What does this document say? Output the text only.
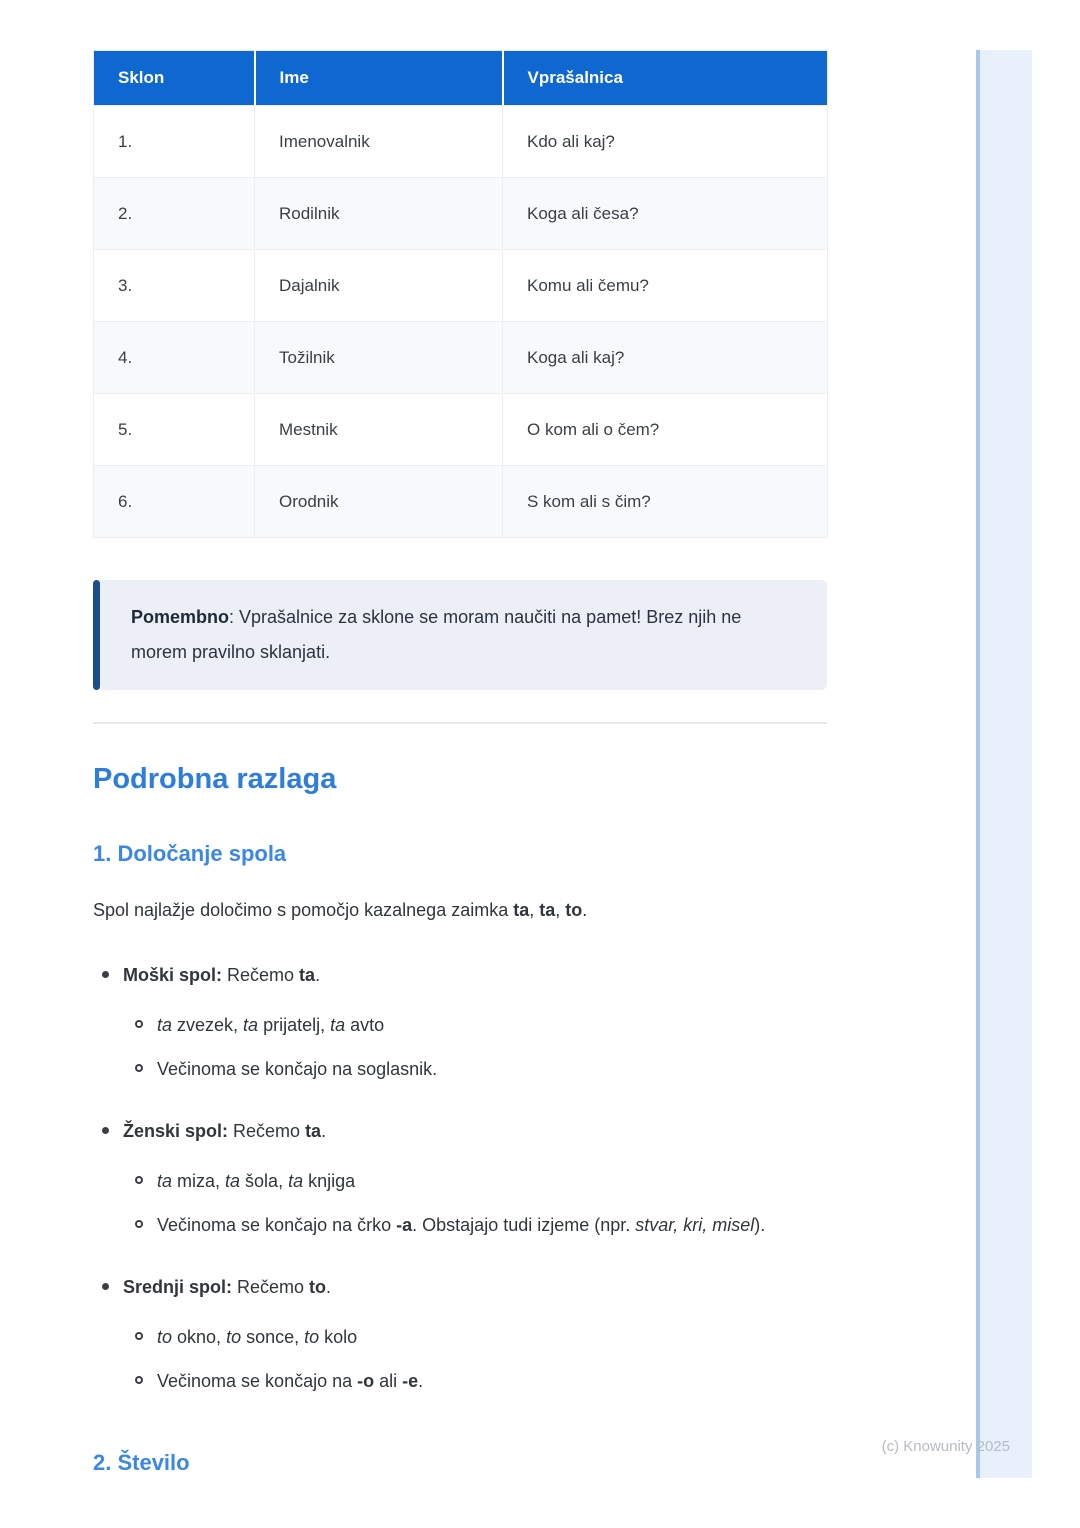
(c) Knowunity 2025
Sklon	Ime	Vprašalnica
1.	Imenovalnik	Kdo ali kaj?
2.	Rodilnik	Koga ali česa?
3.	Dajalnik	Komu ali čemu?
4.	Tožilnik	Koga ali kaj?
5.	Mestnik	O kom ali o čem?
6.	Orodnik	S kom ali s čim?
Pomembno: Vprašalnice za sklone se moram naučiti na pamet! Brez njih ne morem pravilno sklanjati.
Podrobna razlaga
1. Določanje spola

Spol najlažje določimo s pomočjo kazalnega zaimka ta, ta, to.

Moški spol: Rečemo ta.
ta zvezek, ta prijatelj, ta avto
Večinoma se končajo na soglasnik.
Ženski spol: Rečemo ta.
ta miza, ta šola, ta knjiga
Večinoma se končajo na črko -a. Obstajajo tudi izjeme (npr. stvar, kri, misel).
Srednji spol: Rečemo to.
to okno, to sonce, to kolo
Večinoma se končajo na -o ali -e.
2. Število
